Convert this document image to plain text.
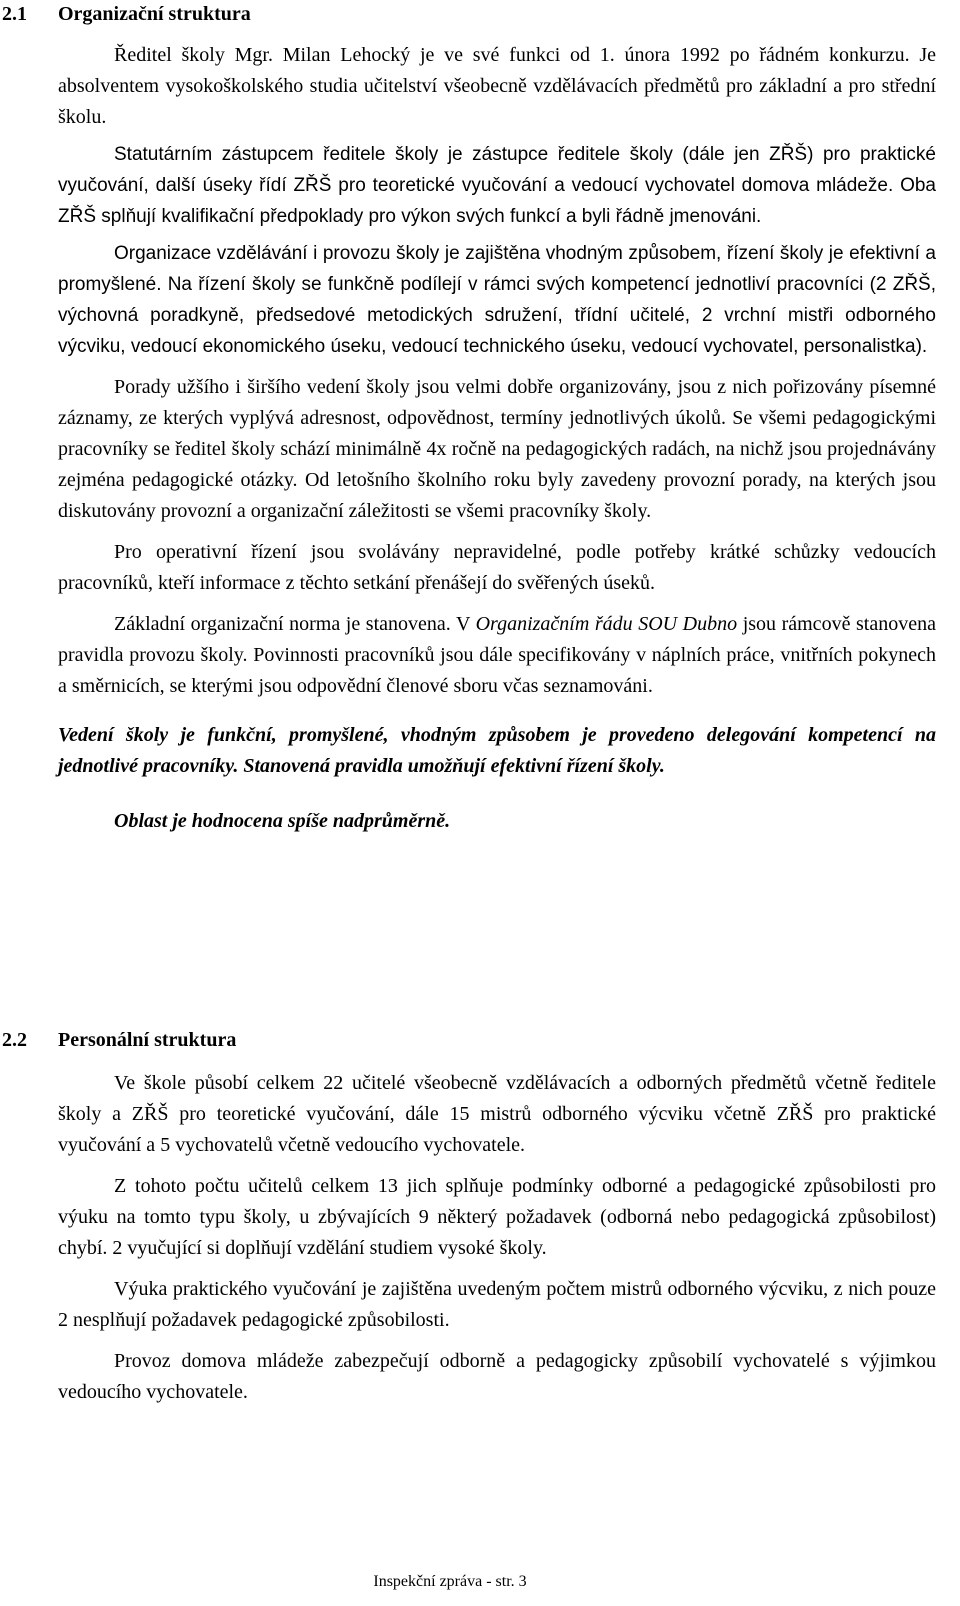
2.1 Organizační struktura

Ředitel školy Mgr. Milan Lehocký je ve své funkci od 1. února 1992 po řádném konkurzu. Je absolventem vysokoškolského studia učitelství všeobecně vzdělávacích předmětů pro základní a pro střední školu.

Statutárním zástupcem ředitele školy je zástupce ředitele školy (dále jen ZŘŠ) pro praktické vyučování, další úseky řídí ZŘŠ pro teoretické vyučování a vedoucí vychovatel domova mládeže. Oba ZŘŠ splňují kvalifikační předpoklady pro výkon svých funkcí a byli řádně jmenováni.

Organizace vzdělávání i provozu školy je zajištěna vhodným způsobem, řízení školy je efektivní a promyšlené. Na řízení školy se funkčně podílejí v rámci svých kompetencí jednotliví pracovníci (2 ZŘŠ, výchovná poradkyně, předsedové metodických sdružení, třídní učitelé, 2 vrchní mistři odborného výcviku, vedoucí ekonomického úseku, vedoucí technického úseku, vedoucí vychovatel, personalistka).

Porady užšího i širšího vedení školy jsou velmi dobře organizovány, jsou z nich pořizovány písemné záznamy, ze kterých vyplývá adresnost, odpovědnost, termíny jednotlivých úkolů. Se všemi pedagogickými pracovníky se ředitel školy schází minimálně 4x ročně na pedagogických radách, na nichž jsou projednávány zejména pedagogické otázky. Od letošního školního roku byly zavedeny provozní porady, na kterých jsou diskutovány provozní a organizační záležitosti se všemi pracovníky školy.

Pro operativní řízení jsou svolávány nepravidelné, podle potřeby krátké schůzky vedoucích pracovníků, kteří informace z těchto setkání přenášejí do svěřených úseků.

Základní organizační norma je stanovena. V Organizačním řádu SOU Dubno jsou rámcově stanovena pravidla provozu školy. Povinnosti pracovníků jsou dále specifikovány v náplních práce, vnitřních pokynech a směrnicích, se kterými jsou odpovědní členové sboru včas seznamováni.

Vedení školy je funkční, promyšlené, vhodným způsobem je provedeno delegování kompetencí na jednotlivé pracovníky. Stanovená pravidla umožňují efektivní řízení školy.

Oblast je hodnocena spíše nadprůměrně.

2.2 Personální struktura

Ve škole působí celkem 22 učitelé všeobecně vzdělávacích a odborných předmětů včetně ředitele školy a ZŘŠ pro teoretické vyučování, dále 15 mistrů odborného výcviku včetně ZŘŠ pro praktické vyučování a 5 vychovatelů včetně vedoucího vychovatele.

Z tohoto počtu učitelů celkem 13 jich splňuje podmínky odborné a pedagogické způsobilosti pro výuku na tomto typu školy, u zbývajících 9 některý požadavek (odborná nebo pedagogická způsobilost) chybí. 2 vyučující si doplňují vzdělání studiem vysoké školy.

Výuka praktického vyučování je zajištěna uvedeným počtem mistrů odborného výcviku, z nich pouze 2 nesplňují požadavek pedagogické způsobilosti.

Provoz domova mládeže zabezpečují odborně a pedagogicky způsobilí vychovatelé s výjimkou vedoucího vychovatele.

Inspekční zpráva - str. 3
